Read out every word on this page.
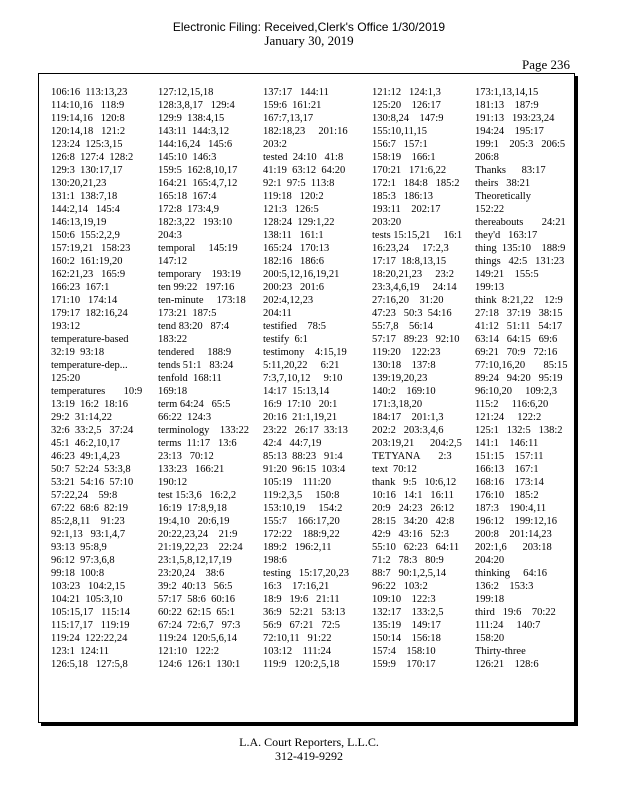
Electronic Filing: Received,Clerk's Office 1/30/2019
January 30, 2019
Page 236
106:16  113:13,23
114:10,16   118:9
119:14,16   120:8
120:14,18   121:2
123:24  125:3,15
126:8  127:4  128:2
129:3  130:17,17
130:20,21,23
131:1  138:7,18
144:2,14   145:4
146:13,19,19
150:6  155:2,2,9
157:19,21   158:23
160:2  161:19,20
162:21,23   165:9
166:23  167:1
171:10   174:14
179:17  182:16,24
193:12
temperature-based
32:19  93:18
temperature-dep...
125:20
temperatures       10:9
13:19  16:2  18:16
29:2  31:14,22
32:6  33:2,5   37:24
45:1  46:2,10,17
46:23  49:1,4,23
50:7  52:24  53:3,8
53:21  54:16  57:10
57:22,24    59:8
67:22  68:6  82:19
85:2,8,11    91:23
92:1,13   93:1,4,7
93:13  95:8,9
96:12  97:3,6,8
99:18  100:8
103:23   104:2,15
104:21  105:3,10
105:15,17   115:14
115:17,17   119:19
119:24  122:22,24
123:1  124:11
126:5,18   127:5,8
127:12,15,18
128:3,8,17   129:4
129:9  138:4,15
143:11  144:3,12
144:16,24   145:6
145:10  146:3
159:5  162:8,10,17
164:21  165:4,7,12
165:18  167:4
172:8  173:4,9
182:3,22   193:10
204:3
temporal     145:19
147:12
temporary    193:19
ten 99:22   197:16
ten-minute     173:18
173:21  187:5
tend 83:20   87:4
183:22
tendered     188:9
tends 51:1   83:24
tenfold  168:11
169:18
term 64:24   65:5
66:22  124:3
terminology    133:22
terms  11:17   13:6
23:13   70:12
133:23   166:21
190:12
test 15:3,6   16:2,2
16:19  17:8,9,18
19:4,10   20:6,19
20:22,23,24    21:9
21:19,22,23    22:24
23:1,5,8,12,17,19
23:20,24    38:6
39:2  40:13   56:5
57:17  58:6  60:16
60:22  62:15  65:1
67:24  72:6,7   97:3
119:24  120:5,6,14
121:10   122:2
124:6  126:1  130:1
137:17   144:11
159:6  161:21
167:7,13,17
182:18,23     201:16
203:2
tested  24:10   41:8
41:19  63:12  64:20
92:1  97:5  113:8
119:18   120:2
121:3   126:5
128:24  129:1,22
138:11   161:1
165:24   170:13
182:16   186:6
200:5,12,16,19,21
200:23   201:6
202:4,12,23
204:11
testified    78:5
testify  6:1
testimony    4:15,19
5:11,20,22     6:21
7:3,7,10,12     9:10
14:17  15:13,14
16:9  17:10   20:1
20:16  21:1,19,21
23:22   26:17  33:13
42:4   44:7,19
85:13  88:23   91:4
91:20  96:15  103:4
105:19    111:20
119:2,3,5     150:8
153:10,19     154:2
155:7    166:17,20
172:22    188:9,22
189:2   196:2,11
198:6
testing   15:17,20,23
16:3    17:16,21
18:9   19:6   21:11
36:9   52:21   53:13
56:9   67:21   72:5
72:10,11   91:22
103:12    111:24
119:9   120:2,5,18
121:12   124:1,3
125:20    126:17
130:8,24    147:9
155:10,11,15
156:7   157:1
158:19    166:1
170:21   171:6,22
172:1   184:8   185:2
185:3   186:13
193:11    202:17
203:20
tests 15:15,21     16:1
16:23,24     17:2,3
17:17  18:8,13,15
18:20,21,23     23:2
23:3,4,6,19     24:14
27:16,20    31:20
47:23   50:3  54:16
55:7,8    56:14
57:17   89:23   92:10
119:20    122:23
130:18    137:8
139:19,20,23
140:2    169:10
171:3,18,20
184:17    201:1,3
202:2   203:3,4,6
203:19,21      204:2,5
TETYANA       2:3
text  70:12
thank   9:5   10:6,12
10:16   14:1   16:11
20:9   24:23   26:12
28:15   34:20   42:8
42:9   43:16   52:3
55:10   62:23   64:11
71:2   78:3   80:9
88:7   90:1,2,5,14
96:22   103:2
109:10    122:3
132:17    133:2,5
135:19    149:17
150:14    156:18
157:4    158:10
159:9    170:17
173:1,13,14,15
181:13    187:9
191:13   193:23,24
194:24    195:17
199:1    205:3   206:5
206:8
Thanks      83:17
theirs   38:21
Theoretically
152:22
thereabouts       24:21
they'd   163:17
thing  135:10    188:9
things   42:5   131:23
149:21    155:5
199:13
think  8:21,22    12:9
27:18   37:19   38:15
41:12   51:11   54:17
63:14   64:15   69:6
69:21   70:9   72:16
77:10,16,20       85:15
89:24   94:20   95:19
96:10,20     109:2,3
115:2     116:6,20
121:24     122:2
125:1   132:5   138:2
141:1    146:11
151:15    157:11
166:13    167:1
168:16    173:14
176:10    185:2
187:3    190:4,11
196:12    199:12,16
200:8    201:14,23
202:1,6      203:18
204:20
thinking     64:16
136:2    153:3
199:18
third   19:6    70:22
111:24     140:7
158:20
Thirty-three
126:21    128:6
L.A. Court Reporters, L.L.C.
312-419-9292
